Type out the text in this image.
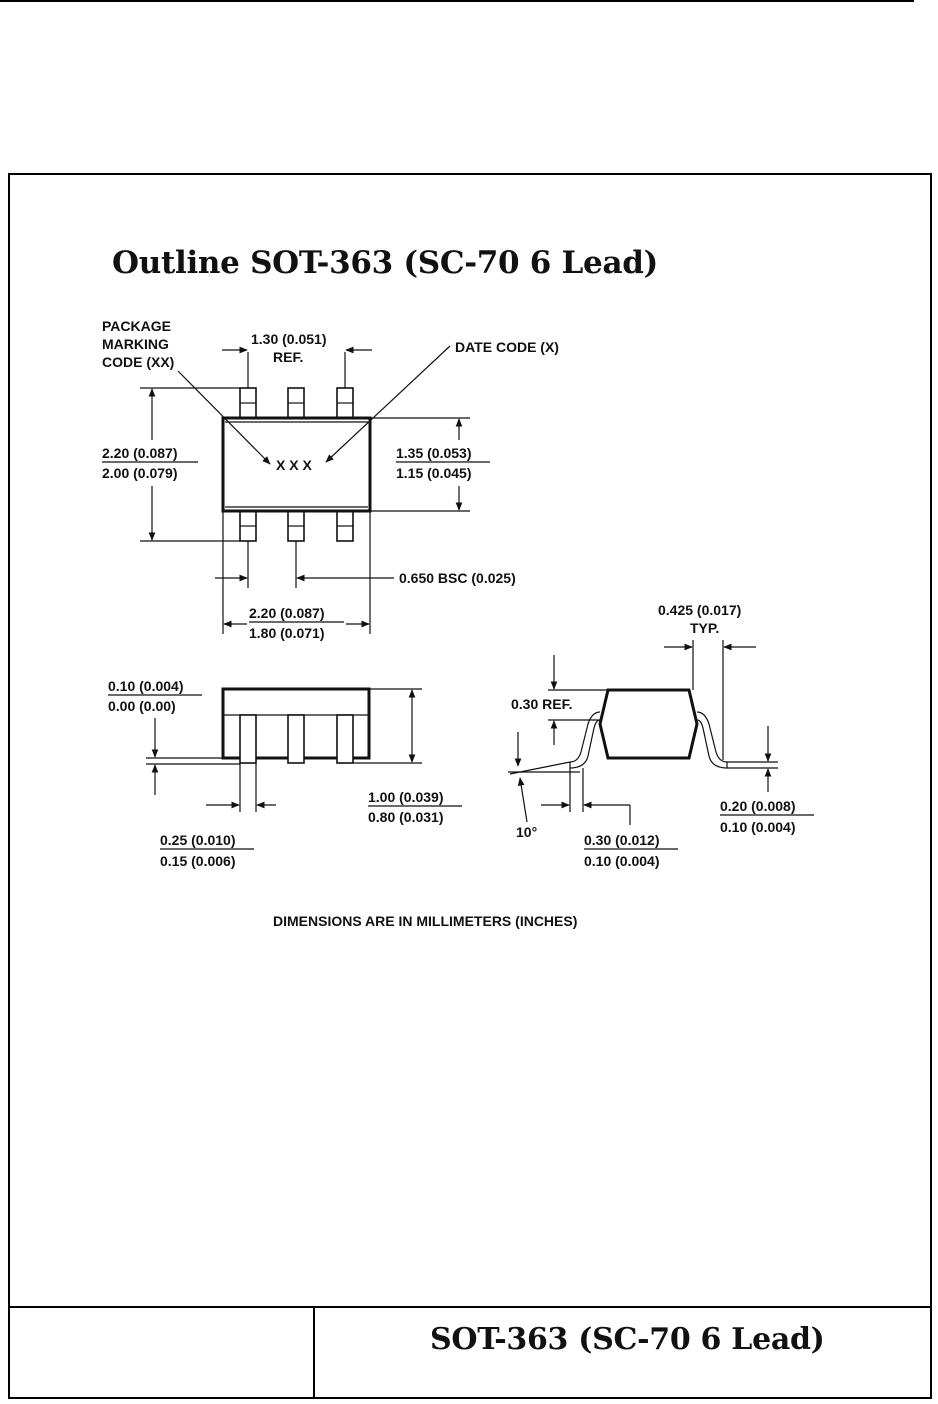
Outline SOT-363 (SC-70 6 Lead)
SOT-363 (SC-70 6 Lead)
X X X
PACKAGE
MARKING
CODE (XX)
DATE CODE (X)
1.30 (0.051)
REF.
2.20 (0.087)
2.00 (0.079)
1.35 (0.053)
1.15 (0.045)
0.650 BSC (0.025)
2.20 (0.087)
1.80 (0.071)
0.10 (0.004)
0.00 (0.00)
1.00 (0.039)
0.80 (0.031)
0.25 (0.010)
0.15 (0.006)
0.425 (0.017)
TYP.
0.30 REF.
10°	0.30 (0.012)
0.10 (0.004)
0.20 (0.008)
0.10 (0.004)
DIMENSIONS ARE IN MILLIMETERS (INCHES)
